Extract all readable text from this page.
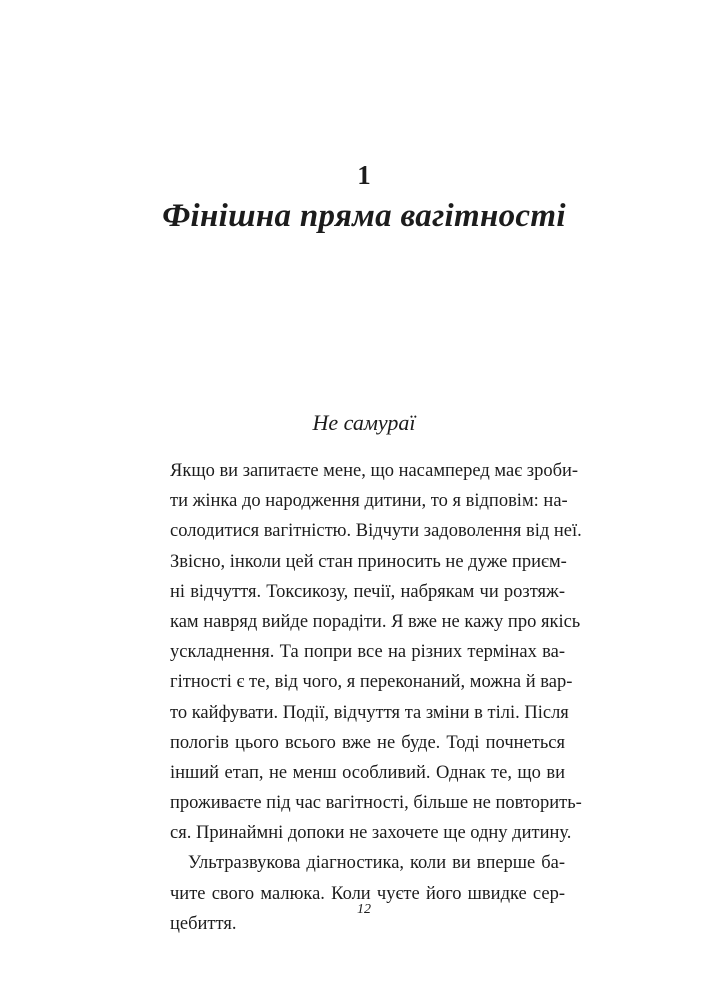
1
Фінішна пряма вагітності
Не самураї
Якщо ви запитаєте мене, що насамперед має зроби-
ти жінка до народження дитини, то я відповім: на-
солодитися вагітністю. Відчути задоволення від неї.
Звісно, інколи цей стан приносить не дуже приєм-
ні відчуття. Токсикозу, печії, набрякам чи розтяж-
кам навряд вийде порадіти. Я вже не кажу про якісь
ускладнення. Та попри все на різних термінах ва-
гітності є те, від чого, я переконаний, можна й вар-
то кайфувати. Події, відчуття та зміни в тілі. Після
пологів цього всього вже не буде. Тоді почнеться
інший етап, не менш особливий. Однак те, що ви
проживаєте під час вагітності, більше не повторить-
ся. Принаймні допоки не захочете ще одну дитину.
Ультразвукова діагностика, коли ви вперше ба-
чите свого малюка. Коли чуєте його швидке сер-
цебиття.
12
